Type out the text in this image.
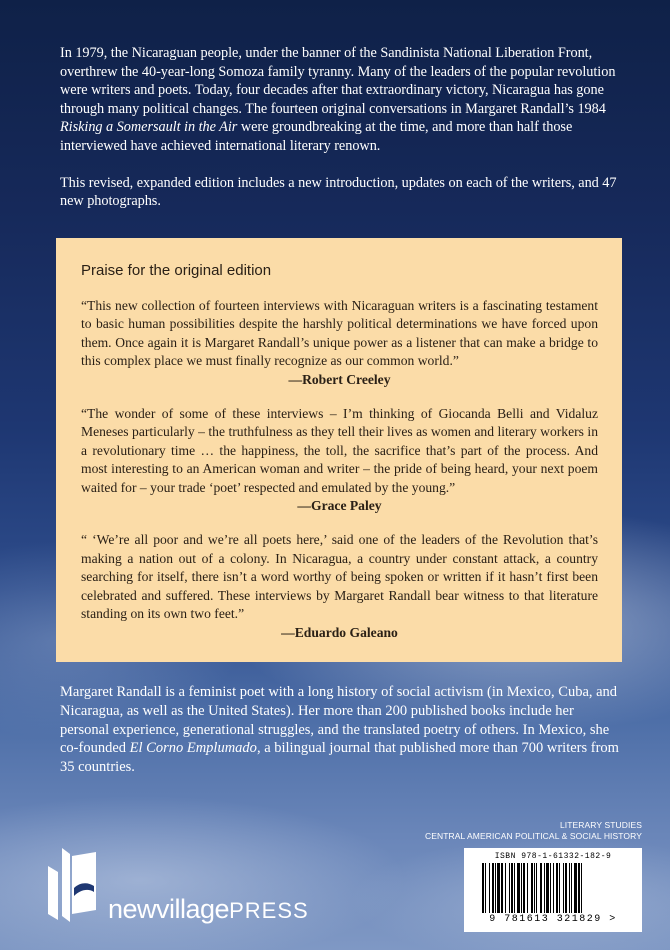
In 1979, the Nicaraguan people, under the banner of the Sandinista National Liberation Front, overthrew the 40-year-long Somoza family tyranny. Many of the leaders of the popular revolution were writers and poets. Today, four decades after that extraordinary victory, Nicaragua has gone through many political changes. The fourteen original conversations in Margaret Randall’s 1984 Risking a Somersault in the Air were groundbreaking at the time, and more than half those interviewed have achieved international literary renown.

This revised, expanded edition includes a new introduction, updates on each of the writers, and 47 new photographs.

Praise for the original edition
“This new collection of fourteen interviews with Nicaraguan writers is a fascinating testament to basic human possibilities despite the harshly political determinations we have forced upon them. Once again it is Margaret Randall’s unique power as a listener that can make a bridge to this complex place we must finally recognize as our common world.”
—Robert Creeley
“The wonder of some of these interviews – I’m thinking of Giocanda Belli and Vidaluz Meneses particularly – the truthfulness as they tell their lives as women and literary workers in a revolutionary time … the happiness, the toll, the sacrifice that’s part of the process. And most interesting to an American woman and writer – the pride of being heard, your next poem waited for – your trade ‘poet’ respected and emulated by the young.”
—Grace Paley
“ ‘We’re all poor and we’re all poets here,’ said one of the leaders of the Revolution that’s making a nation out of a colony. In Nicaragua, a country under constant attack, a country searching for itself, there isn’t a word worthy of being spoken or written if it hasn’t first been celebrated and suffered. These interviews by Margaret Randall bear witness to that literature standing on its own two feet.”
—Eduardo Galeano
Margaret Randall is a feminist poet with a long history of social activism (in Mexico, Cuba, and Nicaragua, as well as the United States). Her more than 200 published books include her personal experience, generational struggles, and the translated poetry of others. In Mexico, she co-founded El Corno Emplumado, a bilingual journal that published more than 700 writers from 35 countries.
LITERARY STUDIES
CENTRAL AMERICAN POLITICAL & SOCIAL HISTORY
newvillagePRESS
ISBN 978-1-61332-182-9
9 781613 321829 >
